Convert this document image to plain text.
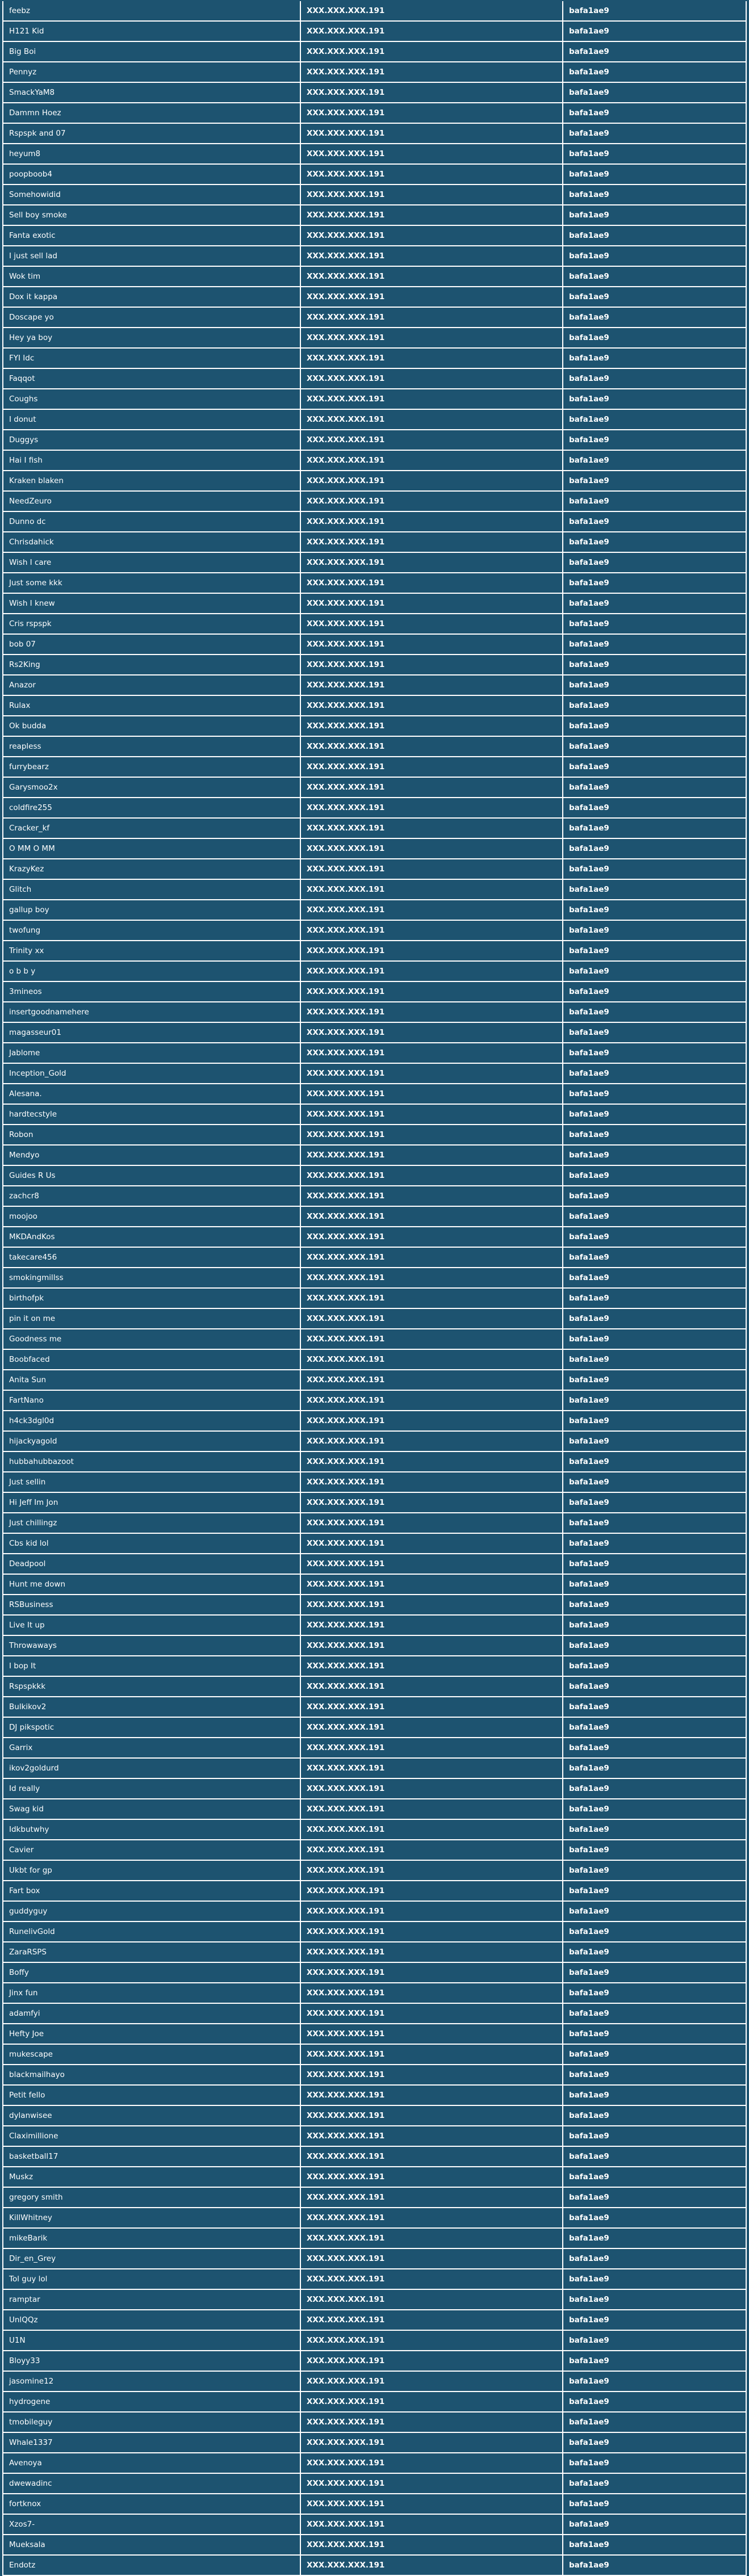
feebz	XXX.XXX.XXX.191	bafa1ae9
H121 Kid	XXX.XXX.XXX.191	bafa1ae9
Big Boi	XXX.XXX.XXX.191	bafa1ae9
Pennyz	XXX.XXX.XXX.191	bafa1ae9
SmackYaM8	XXX.XXX.XXX.191	bafa1ae9
Dammn Hoez	XXX.XXX.XXX.191	bafa1ae9
Rspspk and 07	XXX.XXX.XXX.191	bafa1ae9
heyum8	XXX.XXX.XXX.191	bafa1ae9
poopboob4	XXX.XXX.XXX.191	bafa1ae9
Somehowidid	XXX.XXX.XXX.191	bafa1ae9
Sell boy smoke	XXX.XXX.XXX.191	bafa1ae9
Fanta exotic	XXX.XXX.XXX.191	bafa1ae9
I just sell lad	XXX.XXX.XXX.191	bafa1ae9
Wok tim	XXX.XXX.XXX.191	bafa1ae9
Dox it kappa	XXX.XXX.XXX.191	bafa1ae9
Doscape yo	XXX.XXX.XXX.191	bafa1ae9
Hey ya boy	XXX.XXX.XXX.191	bafa1ae9
FYI Idc	XXX.XXX.XXX.191	bafa1ae9
Faqqot	XXX.XXX.XXX.191	bafa1ae9
Coughs	XXX.XXX.XXX.191	bafa1ae9
I donut	XXX.XXX.XXX.191	bafa1ae9
Duggys	XXX.XXX.XXX.191	bafa1ae9
Hai I fish	XXX.XXX.XXX.191	bafa1ae9
Kraken blaken	XXX.XXX.XXX.191	bafa1ae9
NeedZeuro	XXX.XXX.XXX.191	bafa1ae9
Dunno dc	XXX.XXX.XXX.191	bafa1ae9
Chrisdahick	XXX.XXX.XXX.191	bafa1ae9
Wish I care	XXX.XXX.XXX.191	bafa1ae9
Just some kkk	XXX.XXX.XXX.191	bafa1ae9
Wish I knew	XXX.XXX.XXX.191	bafa1ae9
Cris rspspk	XXX.XXX.XXX.191	bafa1ae9
bob 07	XXX.XXX.XXX.191	bafa1ae9
Rs2King	XXX.XXX.XXX.191	bafa1ae9
Anazor	XXX.XXX.XXX.191	bafa1ae9
Rulax	XXX.XXX.XXX.191	bafa1ae9
Ok budda	XXX.XXX.XXX.191	bafa1ae9
reapless	XXX.XXX.XXX.191	bafa1ae9
furrybearz	XXX.XXX.XXX.191	bafa1ae9
Garysmoo2x	XXX.XXX.XXX.191	bafa1ae9
coldfire255	XXX.XXX.XXX.191	bafa1ae9
Cracker_kf	XXX.XXX.XXX.191	bafa1ae9
O MM O MM	XXX.XXX.XXX.191	bafa1ae9
KrazyKez	XXX.XXX.XXX.191	bafa1ae9
Glitch	XXX.XXX.XXX.191	bafa1ae9
gallup boy	XXX.XXX.XXX.191	bafa1ae9
twofung	XXX.XXX.XXX.191	bafa1ae9
Trinity xx	XXX.XXX.XXX.191	bafa1ae9
o b b y	XXX.XXX.XXX.191	bafa1ae9
3mineos	XXX.XXX.XXX.191	bafa1ae9
insertgoodnamehere	XXX.XXX.XXX.191	bafa1ae9
magasseur01	XXX.XXX.XXX.191	bafa1ae9
Jablome	XXX.XXX.XXX.191	bafa1ae9
Inception_Gold	XXX.XXX.XXX.191	bafa1ae9
Alesana.	XXX.XXX.XXX.191	bafa1ae9
hardtecstyle	XXX.XXX.XXX.191	bafa1ae9
Robon	XXX.XXX.XXX.191	bafa1ae9
Mendyo	XXX.XXX.XXX.191	bafa1ae9
Guides R Us	XXX.XXX.XXX.191	bafa1ae9
zachcr8	XXX.XXX.XXX.191	bafa1ae9
moojoo	XXX.XXX.XXX.191	bafa1ae9
MKDAndKos	XXX.XXX.XXX.191	bafa1ae9
takecare456	XXX.XXX.XXX.191	bafa1ae9
smokingmillss	XXX.XXX.XXX.191	bafa1ae9
birthofpk	XXX.XXX.XXX.191	bafa1ae9
pin it on me	XXX.XXX.XXX.191	bafa1ae9
Goodness me	XXX.XXX.XXX.191	bafa1ae9
Boobfaced	XXX.XXX.XXX.191	bafa1ae9
Anita Sun	XXX.XXX.XXX.191	bafa1ae9
FartNano	XXX.XXX.XXX.191	bafa1ae9
h4ck3dgl0d	XXX.XXX.XXX.191	bafa1ae9
hijackyagold	XXX.XXX.XXX.191	bafa1ae9
hubbahubbazoot	XXX.XXX.XXX.191	bafa1ae9
Just sellin	XXX.XXX.XXX.191	bafa1ae9
Hi Jeff Im Jon	XXX.XXX.XXX.191	bafa1ae9
Just chillingz	XXX.XXX.XXX.191	bafa1ae9
Cbs kid lol	XXX.XXX.XXX.191	bafa1ae9
Deadpool	XXX.XXX.XXX.191	bafa1ae9
Hunt me down	XXX.XXX.XXX.191	bafa1ae9
RSBusiness	XXX.XXX.XXX.191	bafa1ae9
Live It up	XXX.XXX.XXX.191	bafa1ae9
Throwaways	XXX.XXX.XXX.191	bafa1ae9
I bop It	XXX.XXX.XXX.191	bafa1ae9
Rspspkkk	XXX.XXX.XXX.191	bafa1ae9
Bulkikov2	XXX.XXX.XXX.191	bafa1ae9
DJ pikspotic	XXX.XXX.XXX.191	bafa1ae9
Garrix	XXX.XXX.XXX.191	bafa1ae9
ikov2goldurd	XXX.XXX.XXX.191	bafa1ae9
Id really	XXX.XXX.XXX.191	bafa1ae9
Swag kid	XXX.XXX.XXX.191	bafa1ae9
Idkbutwhy	XXX.XXX.XXX.191	bafa1ae9
Cavier	XXX.XXX.XXX.191	bafa1ae9
Ukbt for gp	XXX.XXX.XXX.191	bafa1ae9
Fart box	XXX.XXX.XXX.191	bafa1ae9
guddyguy	XXX.XXX.XXX.191	bafa1ae9
RunelivGold	XXX.XXX.XXX.191	bafa1ae9
ZaraRSPS	XXX.XXX.XXX.191	bafa1ae9
Boffy	XXX.XXX.XXX.191	bafa1ae9
Jinx fun	XXX.XXX.XXX.191	bafa1ae9
adamfyi	XXX.XXX.XXX.191	bafa1ae9
Hefty Joe	XXX.XXX.XXX.191	bafa1ae9
mukescape	XXX.XXX.XXX.191	bafa1ae9
blackmailhayo	XXX.XXX.XXX.191	bafa1ae9
Petit fello	XXX.XXX.XXX.191	bafa1ae9
dylanwisee	XXX.XXX.XXX.191	bafa1ae9
Claximillione	XXX.XXX.XXX.191	bafa1ae9
basketball17	XXX.XXX.XXX.191	bafa1ae9
Muskz	XXX.XXX.XXX.191	bafa1ae9
gregory smith	XXX.XXX.XXX.191	bafa1ae9
KillWhitney	XXX.XXX.XXX.191	bafa1ae9
mikeBarik	XXX.XXX.XXX.191	bafa1ae9
Dir_en_Grey	XXX.XXX.XXX.191	bafa1ae9
Tol guy lol	XXX.XXX.XXX.191	bafa1ae9
ramptar	XXX.XXX.XXX.191	bafa1ae9
UnlQQz	XXX.XXX.XXX.191	bafa1ae9
U1N	XXX.XXX.XXX.191	bafa1ae9
Bloyy33	XXX.XXX.XXX.191	bafa1ae9
jasomine12	XXX.XXX.XXX.191	bafa1ae9
hydrogene	XXX.XXX.XXX.191	bafa1ae9
tmobileguy	XXX.XXX.XXX.191	bafa1ae9
Whale1337	XXX.XXX.XXX.191	bafa1ae9
Avenoya	XXX.XXX.XXX.191	bafa1ae9
dwewadinc	XXX.XXX.XXX.191	bafa1ae9
fortknox	XXX.XXX.XXX.191	bafa1ae9
Xzos7-	XXX.XXX.XXX.191	bafa1ae9
Mueksala	XXX.XXX.XXX.191	bafa1ae9
Endotz	XXX.XXX.XXX.191	bafa1ae9
